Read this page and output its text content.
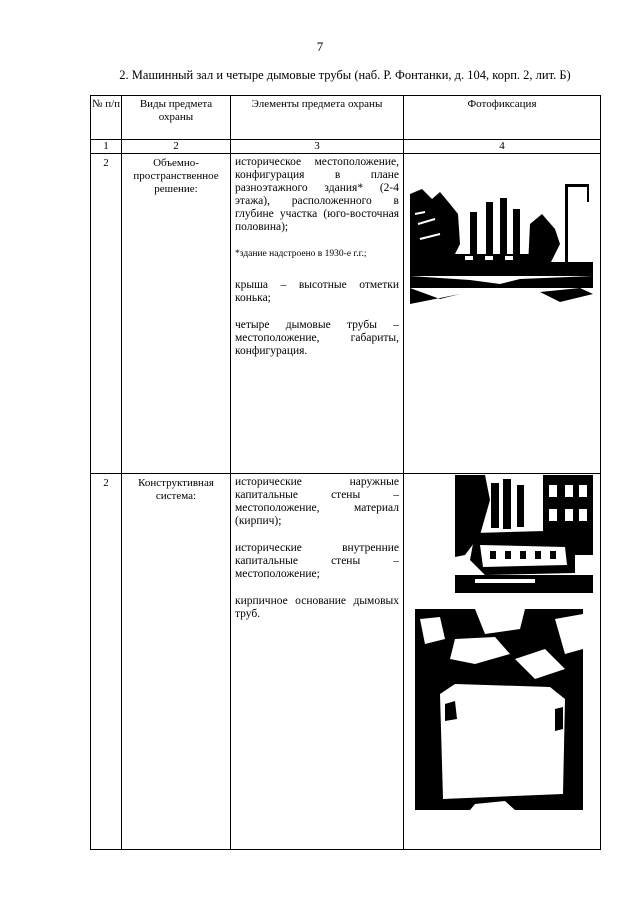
7
2. Машинный зал и четыре дымовые трубы (наб. Р. Фонтанки, д. 104, корп. 2, лит. Б)
№ п/п	Виды предмета охраны	Элементы предмета охраны	Фотофиксация
1	2	3	4
2	Объемно-пространственное решение:	историческое местоположение, конфигурация в плане разноэтажного здания* (2-4 этажа), расположенного в глубине участка (юго-восточная половина);

*здание надстроено в 1930-е г.г.;

крыша – высотные отметки конька;

четыре дымовые трубы – местоположение, габариты, конфигурация.

2	Конструктивная система:	исторические наружные капитальные стены – местоположение, материал (кирпич);

исторические внутренние капитальные стены – местоположение;

кирпичное основание дымовых труб.
